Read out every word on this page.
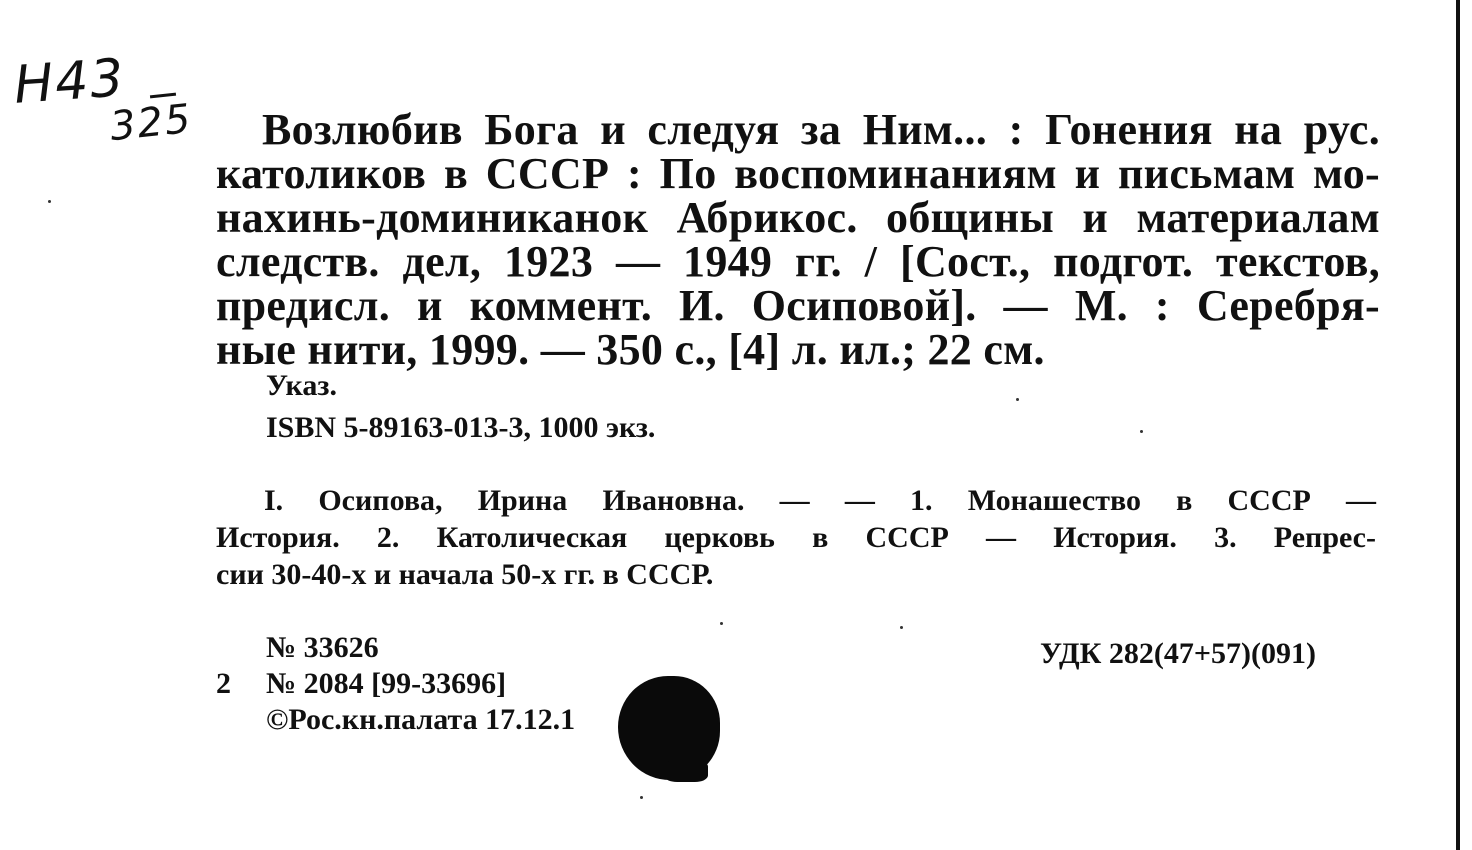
Н43
325	Возлюбив Бога и следуя за Ним... : Гонения на рус.
католиков в СССР : По воспоминаниям и письмам мо-
нахинь-доминиканок Абрикос. общины и материалам
следств. дел, 1923 — 1949 гг. / [Сост., подгот. текстов,
предисл. и коммент. И. Осиповой]. — М. : Серебря-
ные нити, 1999. — 350 с., [4] л. ил.; 22 см.
Указ.
ISBN 5-89163-013-3, 1000 экз.
I. Осипова, Ирина Ивановна. — — 1. Монашество в СССР —
История. 2. Католическая церковь в СССР — История. 3. Репрес-
сии 30-40-х и начала 50-х гг. в СССР.
№ 33626
2 № 2084 [99-33696]
©Рос.кн.палата 17.12.1
УДК 282(47+57)(091)
